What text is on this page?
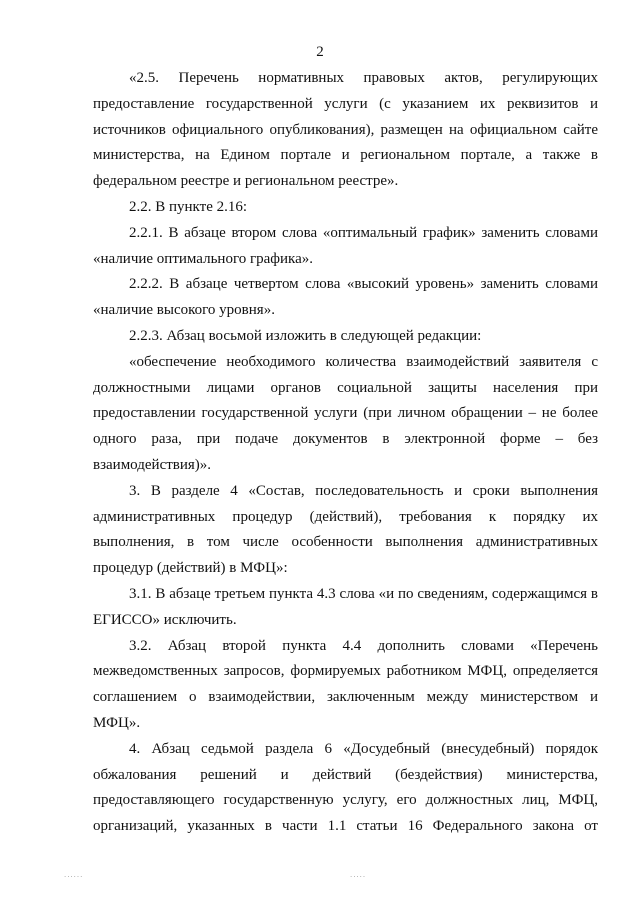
2

«2.5. Перечень нормативных правовых актов, регулирующих предоставление государственной услуги (с указанием их реквизитов и источников официального опубликования), размещен на официальном сайте министерства, на Едином портале и региональном портале, а также в федеральном реестре и региональном реестре».

2.2. В пункте 2.16:

2.2.1. В абзаце втором слова «оптимальный график» заменить словами «наличие оптимального графика».

2.2.2. В абзаце четвертом слова «высокий уровень» заменить словами «наличие высокого уровня».

2.2.3. Абзац восьмой изложить в следующей редакции:

«обеспечение необходимого количества взаимодействий заявителя с должностными лицами органов социальной защиты населения при предоставлении государственной услуги (при личном обращении – не более одного раза, при подаче документов в электронной форме – без взаимодействия)».

3. В разделе 4 «Состав, последовательность и сроки выполнения административных процедур (действий), требования к порядку их выполнения, в том числе особенности выполнения административных процедур (действий) в МФЦ»:

3.1. В абзаце третьем пункта 4.3 слова «и по сведениям, содержащимся в ЕГИССО» исключить.

3.2. Абзац второй пункта 4.4 дополнить словами «Перечень межведомственных запросов, формируемых работником МФЦ, определяется соглашением о взаимодействии, заключенным между министерством и МФЦ».

4. Абзац седьмой раздела 6 «Досудебный (внесудебный) порядок обжалования решений и действий (бездействия) министерства, предоставляющего государственную услугу, его должностных лиц, МФЦ, организаций, указанных в части 1.1 статьи 16 Федерального закона от

......	.....
